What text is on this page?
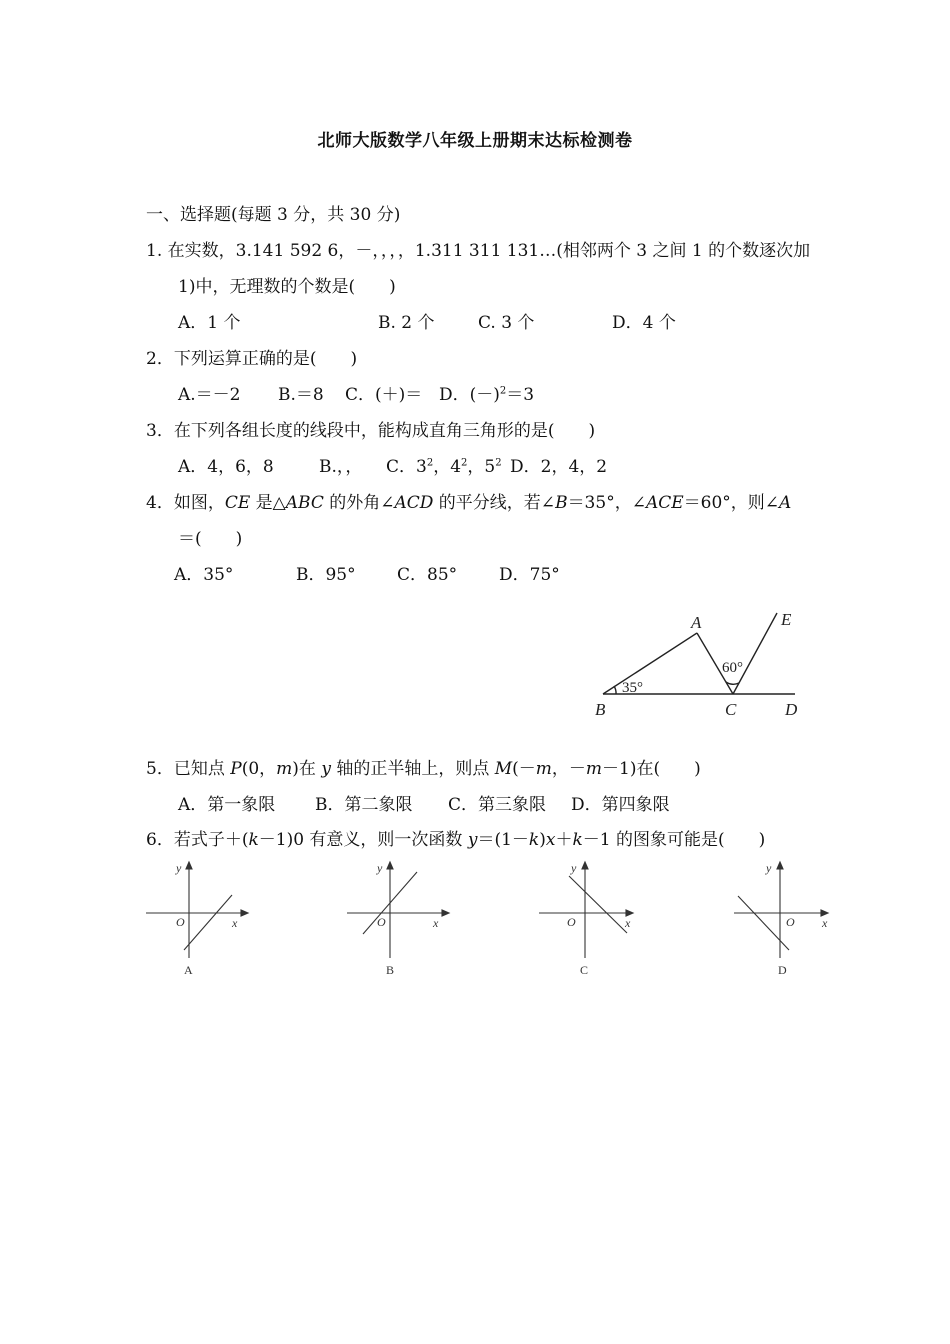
北师大版数学八年级上册期末达标检测卷
一、选择题(每题 3 分，共 30 分)
1. 在实数，3.141 592 6，－，，，，1.311 311 131…(相邻两个 3 之间 1 的个数逐次加
1)中，无理数的个数是(　　)
A．1 个	B. 2 个	C. 3 个	D．4 个
2．下列运算正确的是(　　)
A.＝－2 B.＝8 C．(＋)＝ D．$(-)^2=3$
3．在下列各组长度的线段中，能构成直角三角形的是(　　)
A．4，6，8	B.，， C．$3^2$，$4^2$，$5^2$ D．2，4，2
4．如图，CE 是△ABC 的外角∠ACD 的平分线，若∠B＝35°，∠ACE＝60°，则∠A
＝(　　)
A．35°	B．95° C．85° D．75°
A
B	C	D
E
35°
60°
5．已知点 P(0，m)在 y 轴的正半轴上，则点 M(－m，－m－1)在(　　)
A．第一象限 B．第二象限 C．第三象限 D．第四象限
6．若式子＋(k－1)0 有意义，则一次函数 y＝(1－k)x＋k－1 的图象可能是(　　)
O	x
y
A
O	x
y
B
O	x
y
C
O x
y
D
